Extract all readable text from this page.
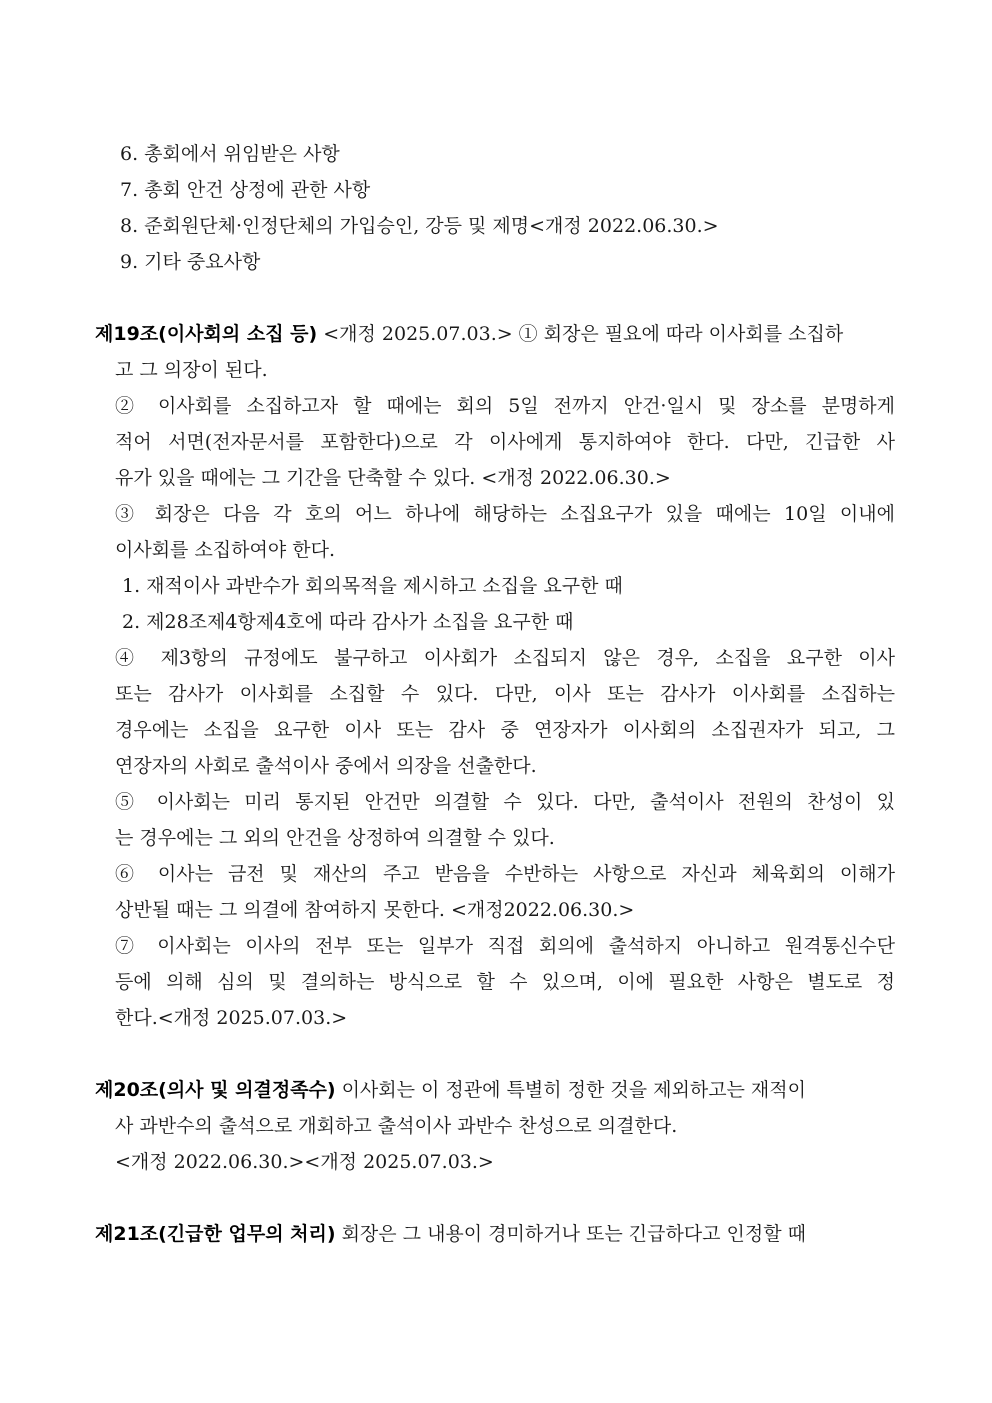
6. 총회에서 위임받은 사항
7. 총회 안건 상정에 관한 사항
8. 준회원단체·인정단체의 가입승인, 강등 및 제명<개정 2022.06.30.>
9. 기타 중요사항
제19조(이사회의 소집 등) <개정 2025.07.03.> ① 회장은 필요에 따라 이사회를 소집하
고 그 의장이 된다.
② 이사회를 소집하고자 할 때에는 회의 5일 전까지 안건·일시 및 장소를 분명하게
적어 서면(전자문서를 포함한다)으로 각 이사에게 통지하여야 한다. 다만, 긴급한 사
유가 있을 때에는 그 기간을 단축할 수 있다. <개정 2022.06.30.>
③ 회장은 다음 각 호의 어느 하나에 해당하는 소집요구가 있을 때에는 10일 이내에
이사회를 소집하여야 한다.
1. 재적이사 과반수가 회의목적을 제시하고 소집을 요구한 때
2. 제28조제4항제4호에 따라 감사가 소집을 요구한 때
④ 제3항의 규정에도 불구하고 이사회가 소집되지 않은 경우, 소집을 요구한 이사
또는 감사가 이사회를 소집할 수 있다. 다만, 이사 또는 감사가 이사회를 소집하는
경우에는 소집을 요구한 이사 또는 감사 중 연장자가 이사회의 소집권자가 되고, 그
연장자의 사회로 출석이사 중에서 의장을 선출한다.
⑤ 이사회는 미리 통지된 안건만 의결할 수 있다. 다만, 출석이사 전원의 찬성이 있
는 경우에는 그 외의 안건을 상정하여 의결할 수 있다.
⑥ 이사는 금전 및 재산의 주고 받음을 수반하는 사항으로 자신과 체육회의 이해가
상반될 때는 그 의결에 참여하지 못한다. <개정2022.06.30.>
⑦ 이사회는 이사의 전부 또는 일부가 직접 회의에 출석하지 아니하고 원격통신수단
등에 의해 심의 및 결의하는 방식으로 할 수 있으며, 이에 필요한 사항은 별도로 정
한다.<개정 2025.07.03.>
제20조(의사 및 의결정족수) 이사회는 이 정관에 특별히 정한 것을 제외하고는 재적이
사 과반수의 출석으로 개회하고 출석이사 과반수 찬성으로 의결한다.
<개정 2022.06.30.><개정 2025.07.03.>
제21조(긴급한 업무의 처리) 회장은 그 내용이 경미하거나 또는 긴급하다고 인정할 때
